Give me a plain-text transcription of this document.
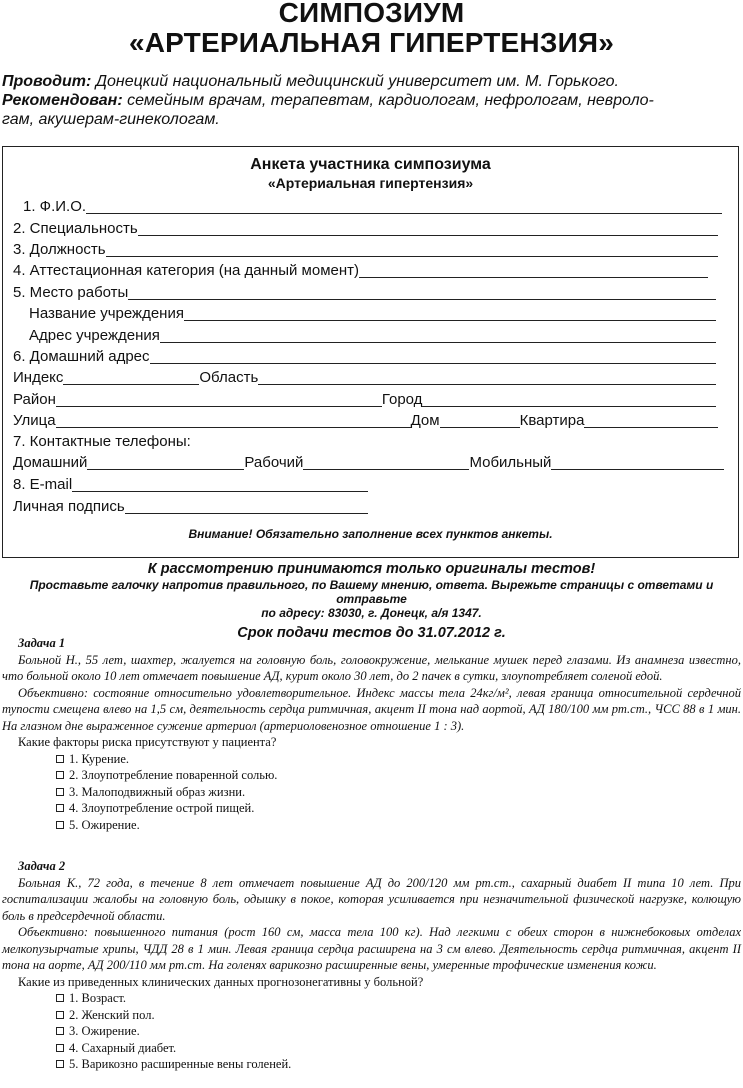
СИМПОЗИУМ
«АРТЕРИАЛЬНАЯ ГИПЕРТЕНЗИЯ»
Проводит: Донецкий национальный медицинский университет им. М. Горького.
Рекомендован: семейным врачам, терапевтам, кардиологам, нефрологам, невроло-
гам, акушерам-гинекологам.
Анкета участника симпозиума
«Артериальная гипертензия»
1. Ф.И.О.
2. Специальность
3. Должность
4. Аттестационная категория (на данный момент)
5. Место работы
Название учреждения
Адрес учреждения
6. Домашний адрес
Индекс	Область
Район	Город
Улица	Дом	Квартира
7. Контактные телефоны:
Домашний	Рабочий	Мобильный
8. E-mail
Личная подпись
Внимание! Обязательно заполнение всех пунктов анкеты.
К рассмотрению принимаются только оригиналы тестов!
Проставьте галочку напротив правильного, по Вашему мнению, ответа. Вырежьте страницы с ответами и отправьте
по адресу: 83030, г. Донецк, а/я 1347.
Срок подачи тестов до 31.07.2012 г.
Задача 1

Больной Н., 55 лет, шахтер, жалуется на головную боль, головокружение, мелькание мушек перед глазами. Из анамнеза известно, что больной около 10 лет отмечает повышение АД, курит около 30 лет, до 2 пачек в сутки, злоупотребляет соленой едой.

Объективно: состояние относительно удовлетворительное. Индекс массы тела 24кг/м², левая граница относительной сердечной тупости смещена влево на 1,5 см, деятельность сердца ритмичная, акцент II тона над аортой, АД 180/100 мм рт.ст., ЧСС 88 в 1 мин. На глазном дне выраженное сужение артериол (артериоловенозное отношение 1 : 3).

Какие факторы риска присутствуют у пациента?
1. Курение.
2. Злоупотребление поваренной солью.
3. Малоподвижный образ жизни.
4. Злоупотребление острой пищей.
5. Ожирение.
Задача 2

Больная К., 72 года, в течение 8 лет отмечает повышение АД до 200/120 мм рт.ст., сахарный диабет II типа 10 лет. При госпитализации жалобы на головную боль, одышку в покое, которая усиливается при незначительной физической нагрузке, колющую боль в предсердечной области.

Объективно: повышенного питания (рост 160 см, масса тела 100 кг). Над легкими с обеих сторон в нижнебоковых отделах мелкопузырчатые хрипы, ЧДД 28 в 1 мин. Левая граница сердца расширена на 3 см влево. Деятельность сердца ритмичная, акцент II тона на аорте, АД 200/110 мм рт.ст. На голенях варикозно расширенные вены, умеренные трофические изменения кожи.

Какие из приведенных клинических данных прогнозонегативны у больной?
1. Возраст.
2. Женский пол.
3. Ожирение.
4. Сахарный диабет.
5. Варикозно расширенные вены голеней.
